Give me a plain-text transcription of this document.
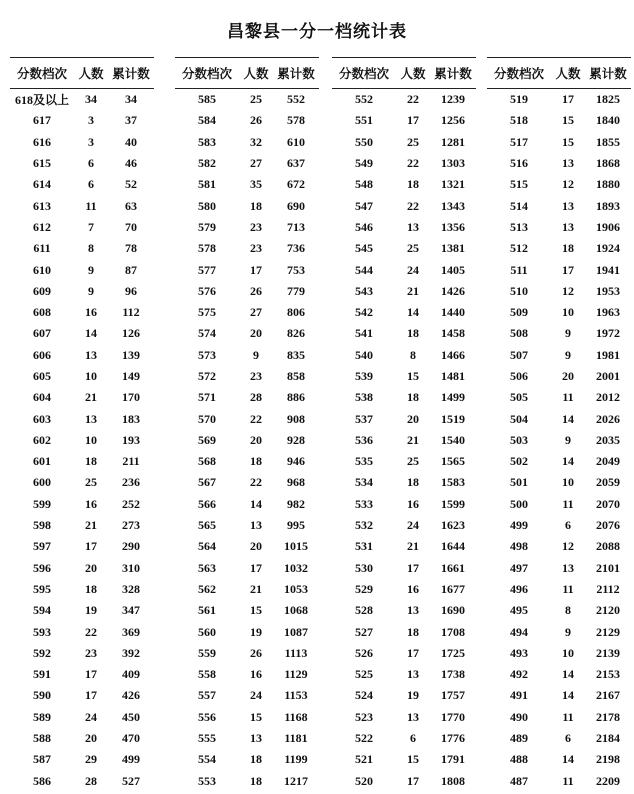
昌黎县一分一档统计表
分数档次	人数	累计数
618及以上	34	34
617	3	37
616	3	40
615	6	46
614	6	52
613	11	63
612	7	70
611	8	78
610	9	87
609	9	96
608	16	112
607	14	126
606	13	139
605	10	149
604	21	170
603	13	183
602	10	193
601	18	211
600	25	236
599	16	252
598	21	273
597	17	290
596	20	310
595	18	328
594	19	347
593	22	369
592	23	392
591	17	409
590	17	426
589	24	450
588	20	470
587	29	499
586	28	527
分数档次	人数	累计数
585	25	552
584	26	578
583	32	610
582	27	637
581	35	672
580	18	690
579	23	713
578	23	736
577	17	753
576	26	779
575	27	806
574	20	826
573	9	835
572	23	858
571	28	886
570	22	908
569	20	928
568	18	946
567	22	968
566	14	982
565	13	995
564	20	1015
563	17	1032
562	21	1053
561	15	1068
560	19	1087
559	26	1113
558	16	1129
557	24	1153
556	15	1168
555	13	1181
554	18	1199
553	18	1217
分数档次	人数	累计数
552	22	1239
551	17	1256
550	25	1281
549	22	1303
548	18	1321
547	22	1343
546	13	1356
545	25	1381
544	24	1405
543	21	1426
542	14	1440
541	18	1458
540	8	1466
539	15	1481
538	18	1499
537	20	1519
536	21	1540
535	25	1565
534	18	1583
533	16	1599
532	24	1623
531	21	1644
530	17	1661
529	16	1677
528	13	1690
527	18	1708
526	17	1725
525	13	1738
524	19	1757
523	13	1770
522	6	1776
521	15	1791
520	17	1808
分数档次	人数	累计数
519	17	1825
518	15	1840
517	15	1855
516	13	1868
515	12	1880
514	13	1893
513	13	1906
512	18	1924
511	17	1941
510	12	1953
509	10	1963
508	9	1972
507	9	1981
506	20	2001
505	11	2012
504	14	2026
503	9	2035
502	14	2049
501	10	2059
500	11	2070
499	6	2076
498	12	2088
497	13	2101
496	11	2112
495	8	2120
494	9	2129
493	10	2139
492	14	2153
491	14	2167
490	11	2178
489	6	2184
488	14	2198
487	11	2209
